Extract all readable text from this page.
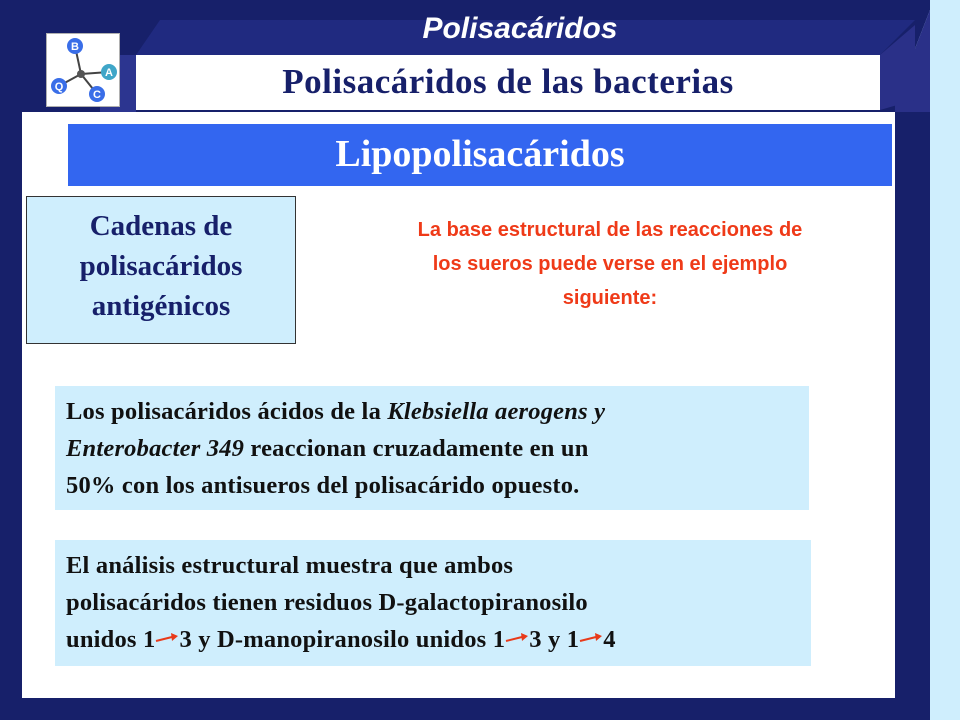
B
A
C
Q
Polisacáridos
Polisacáridos de las bacterias
Lipopolisacáridos
Cadenas de
polisacáridos
antigénicos
La base estructural de las reacciones de
los sueros puede verse en el ejemplo
siguiente:
Los polisacáridos ácidos de la Klebsiella aerogens y
Enterobacter 349 reaccionan cruzadamente en un
50% con los antisueros del polisacárido opuesto.
El análisis estructural muestra que ambos
polisacáridos tienen residuos D-galactopiranosilo
unidos 1 3 y D-manopiranosilo unidos 1 3 y 1 4
